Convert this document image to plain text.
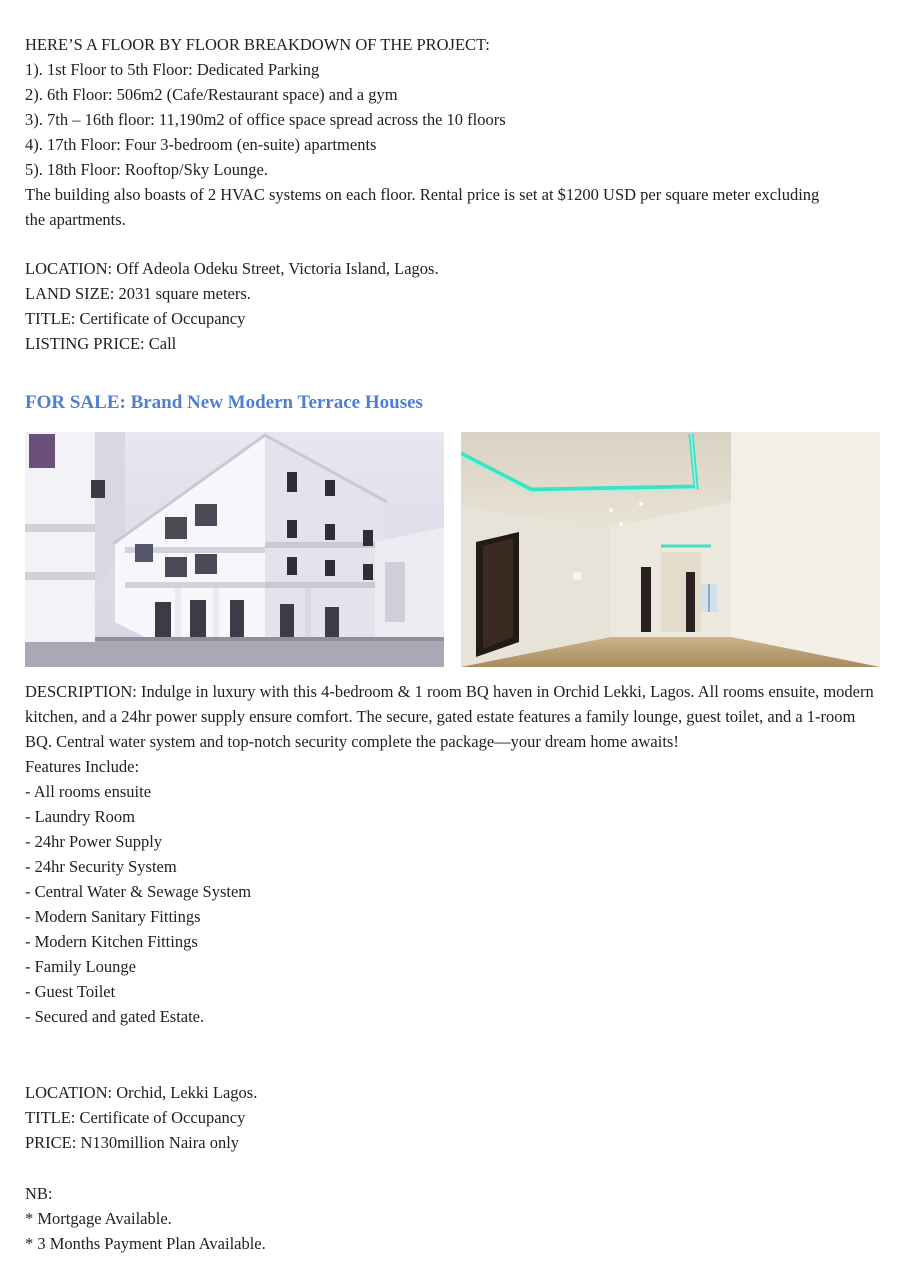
HERE’S A FLOOR BY FLOOR BREAKDOWN OF THE PROJECT:
1). 1st Floor to 5th Floor: Dedicated Parking
2). 6th Floor: 506m2 (Cafe/Restaurant space) and a gym
3). 7th – 16th floor: 11,190m2 of office space spread across the 10 floors
4). 17th Floor: Four 3-bedroom (en-suite) apartments
5). 18th Floor: Rooftop/Sky Lounge.
The building also boasts of 2 HVAC systems on each floor. Rental price is set at $1200 USD per square meter excluding the apartments.
LOCATION: Off Adeola Odeku Street, Victoria Island, Lagos.
LAND SIZE: 2031 square meters.
TITLE: Certificate of Occupancy
LISTING PRICE: Call
FOR SALE: Brand New Modern Terrace Houses
DESCRIPTION: Indulge in luxury with this 4-bedroom & 1 room BQ haven in Orchid Lekki, Lagos. All rooms ensuite, modern kitchen, and a 24hr power supply ensure comfort. The secure, gated estate features a family lounge, guest toilet, and a 1-room BQ. Central water system and top-notch security complete the package—your dream home awaits!
Features Include:
- All rooms ensuite
- Laundry Room
- 24hr Power Supply
- 24hr Security System
- Central Water & Sewage System
- Modern Sanitary Fittings
- Modern Kitchen Fittings
- Family Lounge
- Guest Toilet
- Secured and gated Estate.
LOCATION: Orchid, Lekki Lagos.
TITLE: Certificate of Occupancy
PRICE: N130million Naira only
NB:
* Mortgage Available.
* 3 Months Payment Plan Available.
